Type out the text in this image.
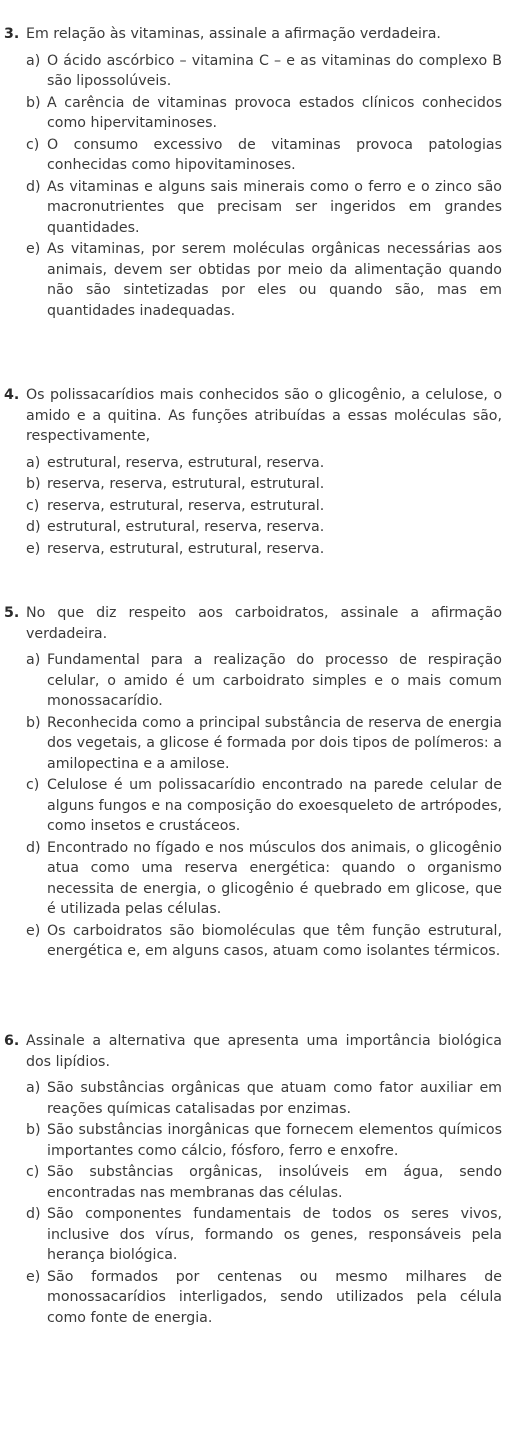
3. Em relação às vitaminas, assinale a afirmação verdadeira.
a) O ácido ascórbico – vitamina C – e as vitaminas do complexo B são lipossolúveis.
b) A carência de vitaminas provoca estados clínicos conhecidos como hipervitaminoses.
c) O consumo excessivo de vitaminas provoca patologias conhecidas como hipovitaminoses.
d) As vitaminas e alguns sais minerais como o ferro e o zinco são macronutrientes que precisam ser ingeridos em grandes quantidades.
e) As vitaminas, por serem moléculas orgânicas necessárias aos animais, devem ser obtidas por meio da alimentação quando não são sintetizadas por eles ou quando são, mas em quantidades inadequadas.
4. Os polissacarídios mais conhecidos são o glicogênio, a celulose, o amido e a quitina. As funções atribuídas a essas moléculas são, respectivamente,
a) estrutural, reserva, estrutural, reserva.
b) reserva, reserva, estrutural, estrutural.
c) reserva, estrutural, reserva, estrutural.
d) estrutural, estrutural, reserva, reserva.
e) reserva, estrutural, estrutural, reserva.
5. No que diz respeito aos carboidratos, assinale a afirmação verdadeira.
a) Fundamental para a realização do processo de respiração celular, o amido é um carboidrato simples e o mais comum monossacarídio.
b) Reconhecida como a principal substância de reserva de energia dos vegetais, a glicose é formada por dois tipos de polímeros: a amilopectina e a amilose.
c) Celulose é um polissacarídio encontrado na parede celular de alguns fungos e na composição do exoesqueleto de artrópodes, como insetos e crustáceos.
d) Encontrado no fígado e nos músculos dos animais, o glicogênio atua como uma reserva energética: quando o organismo necessita de energia, o glicogênio é quebrado em glicose, que é utilizada pelas células.
e) Os carboidratos são biomoléculas que têm função estrutural, energética e, em alguns casos, atuam como isolantes térmicos.
6. Assinale a alternativa que apresenta uma importância biológica dos lipídios.
a) São substâncias orgânicas que atuam como fator auxiliar em reações químicas catalisadas por enzimas.
b) São substâncias inorgânicas que fornecem elementos químicos importantes como cálcio, fósforo, ferro e enxofre.
c) São substâncias orgânicas, insolúveis em água, sendo encontradas nas membranas das células.
d) São componentes fundamentais de todos os seres vivos, inclusive dos vírus, formando os genes, responsáveis pela herança biológica.
e) São formados por centenas ou mesmo milhares de monossacarídios interligados, sendo utilizados pela célula como fonte de energia.
